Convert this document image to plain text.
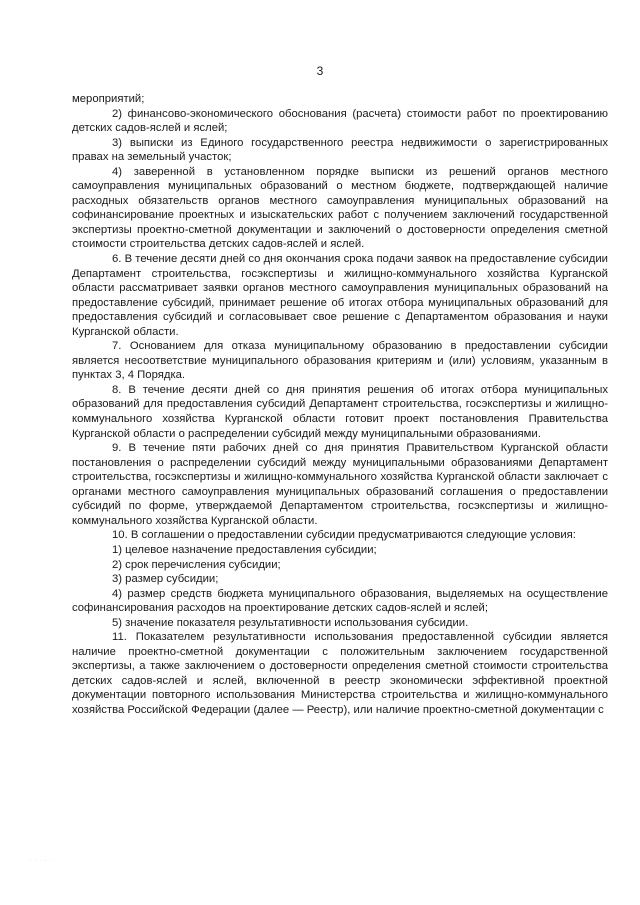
3

мероприятий;

2) финансово-экономического обоснования (расчета) стоимости работ по проектированию детских садов-яслей и яслей;

3) выписки из Единого государственного реестра недвижимости о зарегистрированных правах на земельный участок;

4) заверенной в установленном порядке выписки из решений органов местного самоуправления муниципальных образований о местном бюджете, подтверждающей наличие расходных обязательств органов местного самоуправления муниципальных образований на софинансирование проектных и изыскательских работ с получением заключений государственной экспертизы проектно-сметной документации и заключений о достоверности определения сметной стоимости строительства детских садов-яслей и яслей.

6. В течение десяти дней со дня окончания срока подачи заявок на предоставление субсидии Департамент строительства, госэкспертизы и жилищно-коммунального хозяйства Курганской области рассматривает заявки органов местного самоуправления муниципальных образований на предоставление субсидий, принимает решение об итогах отбора муниципальных образований для предоставления субсидий и согласовывает свое решение с Департаментом образования и науки Курганской области.

7. Основанием для отказа муниципальному образованию в предоставлении субсидии является несоответствие муниципального образования критериям и (или) условиям, указанным в пунктах 3, 4 Порядка.

8. В течение десяти дней со дня принятия решения об итогах отбора муниципальных образований для предоставления субсидий Департамент строительства, госэкспертизы и жилищно-коммунального хозяйства Курганской области готовит проект постановления Правительства Курганской области о распределении субсидий между муниципальными образованиями.

9. В течение пяти рабочих дней со дня принятия Правительством Курганской области постановления о распределении субсидий между муниципальными образованиями Департамент строительства, госэкспертизы и жилищно-коммунального хозяйства Курганской области заключает с органами местного самоуправления муниципальных образований соглашения о предоставлении субсидий по форме, утверждаемой Департаментом строительства, госэкспертизы и жилищно-коммунального хозяйства Курганской области.

10. В соглашении о предоставлении субсидии предусматриваются следующие условия:

1) целевое назначение предоставления субсидии;

2) срок перечисления субсидии;

3) размер субсидии;

4) размер средств бюджета муниципального образования, выделяемых на осуществление софинансирования расходов на проектирование детских садов-яслей и яслей;

5) значение показателя результативности использования субсидии.

11. Показателем результативности использования предоставленной субсидии является наличие проектно-сметной документации с положительным заключением государственной экспертизы, а также заключением о достоверности определения сметной стоимости строительства детских садов-яслей и яслей, включенной в реестр экономически эффективной проектной документации повторного использования Министерства строительства и жилищно-коммунального хозяйства Российской Федерации (далее — Реестр), или наличие проектно-сметной документации с

· · · · ·
